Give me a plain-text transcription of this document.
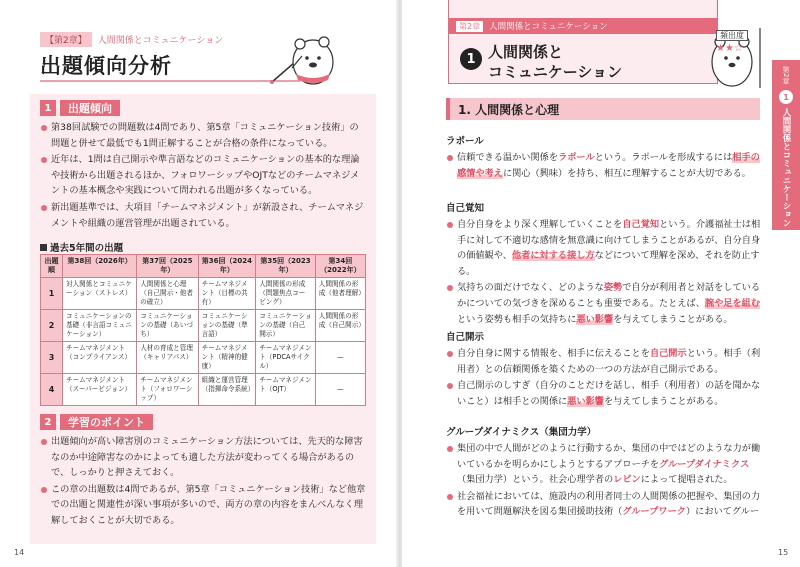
【第2章】 人間関係とコミュニケーション
出題傾向分析
1	出題傾向
第38回試験での問題数は4問であり、第5章「コミュニケーション技術」の問題と併せて最低でも1問正解することが合格の条件になっている。
近年は、1問は自己開示や準言語などのコミュニケーションの基本的な理論や技術から出題されるほか、フォロワーシップやOJTなどのチームマネジメントの基本概念や実践について問われる出題が多くなっている。
新出題基準では、大項目「チームマネジメント」が新設され、チームマネジメントや組織の運営管理が出題されている。
過去5年間の出題
出題順	第38回（2026年）	第37回（2025年）	第36回（2024年）	第35回（2023年）	第34回（2022年）
1	対人関係とコミュニケーション（ストレス）	人間関係と心理（自己開示・他者の確立）	チームマネジメント（目標の共有）	人間関係の形成（問題焦点コーピング）	人間関係の形成（他者理解）
2	コミュニケーションの基礎（非言語コミュニケーション）	コミュニケーションの基礎（あいづち）	コミュニケーションの基礎（準言語）	コミュニケーションの基礎（自己開示）	人間関係の形成（自己開示）
3	チームマネジメント（コンプライアンス）	人材の育成と管理（キャリアパス）	チームマネジメント（精神的健康）	チームマネジメント（PDCAサイクル）	—
4	チームマネジメント（スーパービジョン）	チームマネジメント（フォロワーシップ）	組織と運営管理（指揮命令系統）	チームマネジメント（OJT）	—
2	学習のポイント
出題傾向が高い障害別のコミュニケーション方法については、先天的な障害なのか中途障害なのかによっても適した方法が変わってくる場合があるので、しっかりと押さえておく。
この章の出題数は4問であるが、第5章「コミュニケーション技術」など他章での出題と関連性が深い事項が多いので、両方の章の内容をまんべんなく理解しておくことが大切である。
14
第2章	人間関係とコミュニケーション
1 人間関係と
コミュニケーション
頻出度
★★☆
第2章
1
人間関係とコミュニケーション
1. 人間関係と心理
ラポール
信頼できる温かい関係をラポールという。ラポールを形成するには相手の感情や考えに関心（興味）を持ち、相互に理解することが大切である。
自己覚知
自分自身をより深く理解していくことを自己覚知という。介護福祉士は相手に対して不適切な感情を無意識に向けてしまうことがあるが、自分自身の価値観や、他者に対する接し方などについて理解を深め、それを防止する。
気持ちの面だけでなく、どのような姿勢で自分が利用者と対話をしているかについての気づきを深めることも重要である。たとえば、腕や足を組むという姿勢も相手の気持ちに悪い影響を与えてしまうことがある。
自己開示
自分自身に関する情報を、相手に伝えることを自己開示という。相手（利用者）との信頼関係を築くための一つの方法が自己開示である。
自己開示のしすぎ（自分のことだけを話し、相手（利用者）の話を聞かないこと）は相手との関係に悪い影響を与えてしまうことがある。
グループダイナミクス（集団力学）
集団の中で人間がどのように行動するか、集団の中ではどのような力が働いているかを明らかにしようとするアプローチをグループダイナミクス（集団力学）という。社会心理学者のレビンによって提唱された。
社会福祉においては、施設内の利用者同士の人間関係の把握や、集団の力を用いて問題解決を図る集団援助技術（グループワーク）においてグルー
15
